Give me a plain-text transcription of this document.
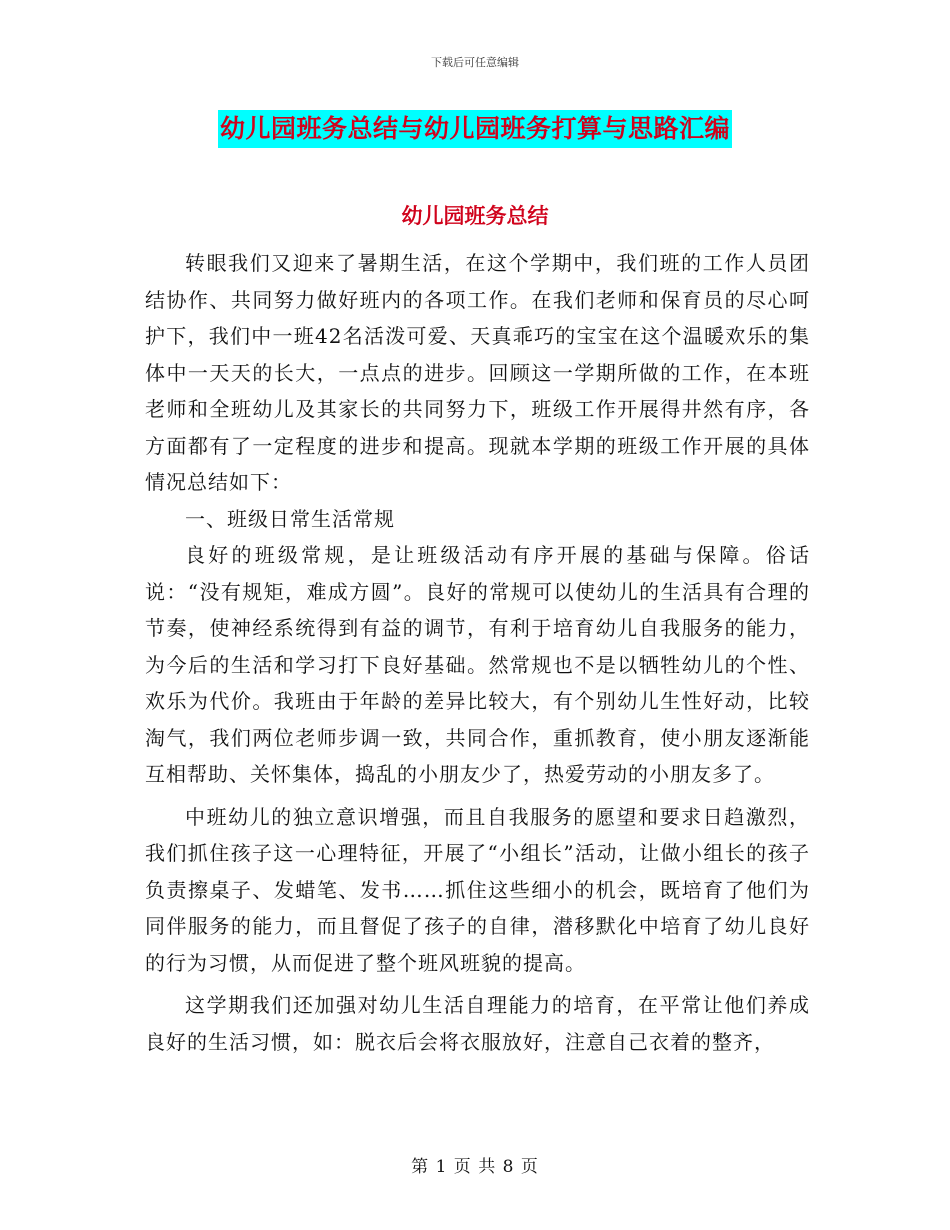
下载后可任意编辑
幼儿园班务总结与幼儿园班务打算与思路汇编
幼儿园班务总结

转眼我们又迎来了暑期生活，在这个学期中，我们班的工作人员团结协作、共同努力做好班内的各项工作。在我们老师和保育员的尽心呵护下，我们中一班42名活泼可爱、天真乖巧的宝宝在这个温暖欢乐的集体中一天天的长大，一点点的进步。回顾这一学期所做的工作，在本班老师和全班幼儿及其家长的共同努力下，班级工作开展得井然有序，各方面都有了一定程度的进步和提高。现就本学期的班级工作开展的具体情况总结如下：

一、班级日常生活常规

良好的班级常规，是让班级活动有序开展的基础与保障。俗话说：“没有规矩，难成方圆”。良好的常规可以使幼儿的生活具有合理的节奏，使神经系统得到有益的调节，有利于培育幼儿自我服务的能力，为今后的生活和学习打下良好基础。然常规也不是以牺牲幼儿的个性、欢乐为代价。我班由于年龄的差异比较大，有个别幼儿生性好动，比较淘气，我们两位老师步调一致，共同合作，重抓教育，使小朋友逐渐能互相帮助、关怀集体，捣乱的小朋友少了，热爱劳动的小朋友多了。

中班幼儿的独立意识增强，而且自我服务的愿望和要求日趋激烈，我们抓住孩子这一心理特征，开展了“小组长”活动，让做小组长的孩子负责擦桌子、发蜡笔、发书……抓住这些细小的机会，既培育了他们为同伴服务的能力，而且督促了孩子的自律，潜移默化中培育了幼儿良好的行为习惯，从而促进了整个班风班貌的提高。

这学期我们还加强对幼儿生活自理能力的培育，在平常让他们养成良好的生活习惯，如：脱衣后会将衣服放好，注意自己衣着的整齐，

第 1 页 共 8 页
